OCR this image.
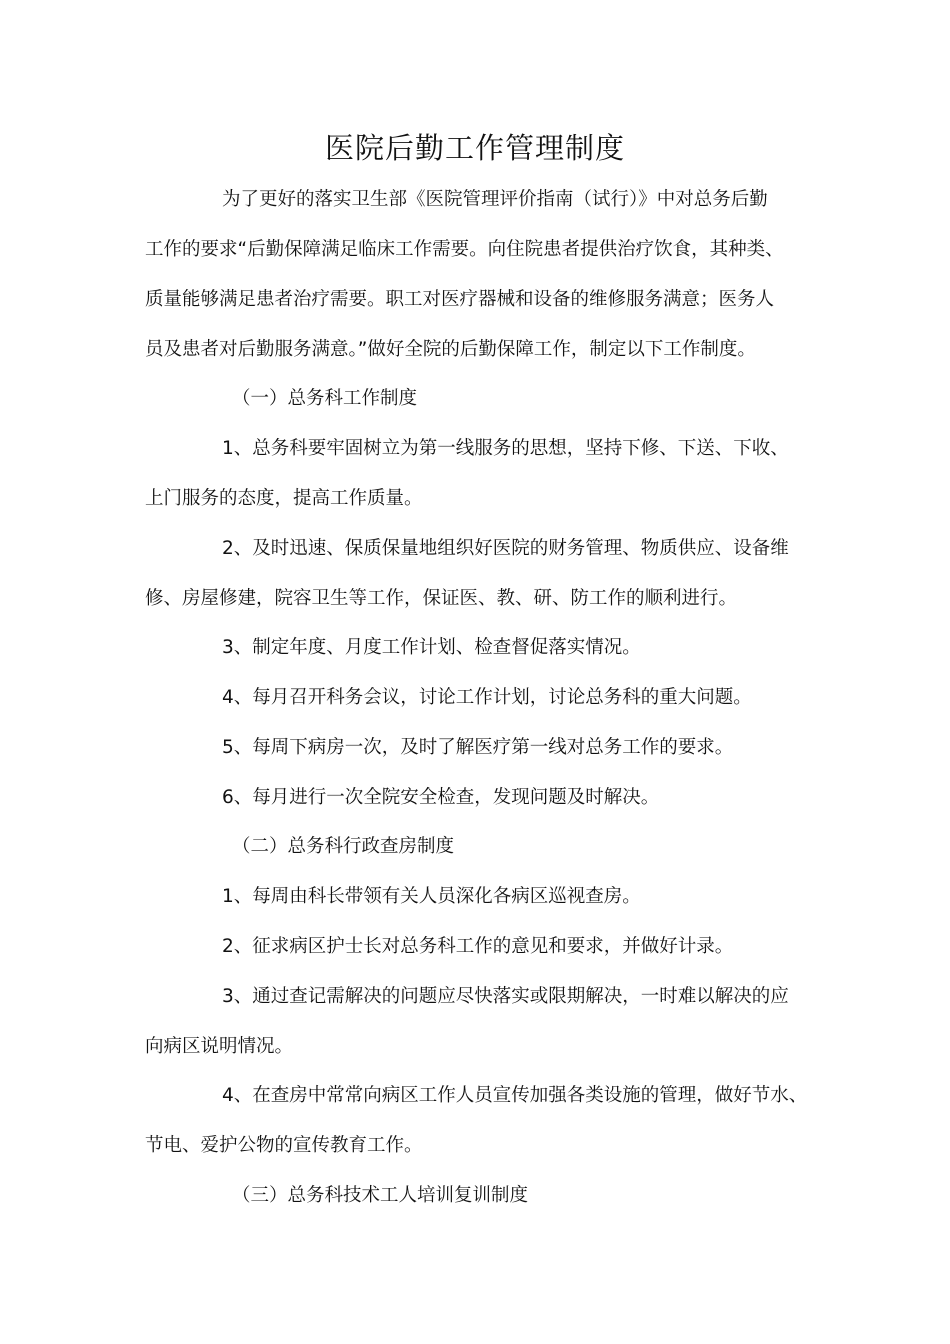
医院后勤工作管理制度

为了更好的落实卫生部《医院管理评价指南（试行）》中对总务后勤

工作的要求“后勤保障满足临床工作需要。向住院患者提供治疗饮食，其种类、

质量能够满足患者治疗需要。职工对医疗器械和设备的维修服务满意；医务人

员及患者对后勤服务满意。”做好全院的后勤保障工作，制定以下工作制度。

（一）总务科工作制度

1、总务科要牢固树立为第一线服务的思想，坚持下修、下送、下收、

上门服务的态度，提高工作质量。

2、及时迅速、保质保量地组织好医院的财务管理、物质供应、设备维

修、房屋修建，院容卫生等工作，保证医、教、研、防工作的顺利进行。

3、制定年度、月度工作计划、检查督促落实情况。

4、每月召开科务会议，讨论工作计划，讨论总务科的重大问题。

5、每周下病房一次，及时了解医疗第一线对总务工作的要求。

6、每月进行一次全院安全检查，发现问题及时解决。

（二）总务科行政查房制度

1、每周由科长带领有关人员深化各病区巡视查房。

2、征求病区护士长对总务科工作的意见和要求，并做好计录。

3、通过查记需解决的问题应尽快落实或限期解决，一时难以解决的应

向病区说明情况。

4、在查房中常常向病区工作人员宣传加强各类设施的管理，做好节水、

节电、爱护公物的宣传教育工作。

（三）总务科技术工人培训复训制度
